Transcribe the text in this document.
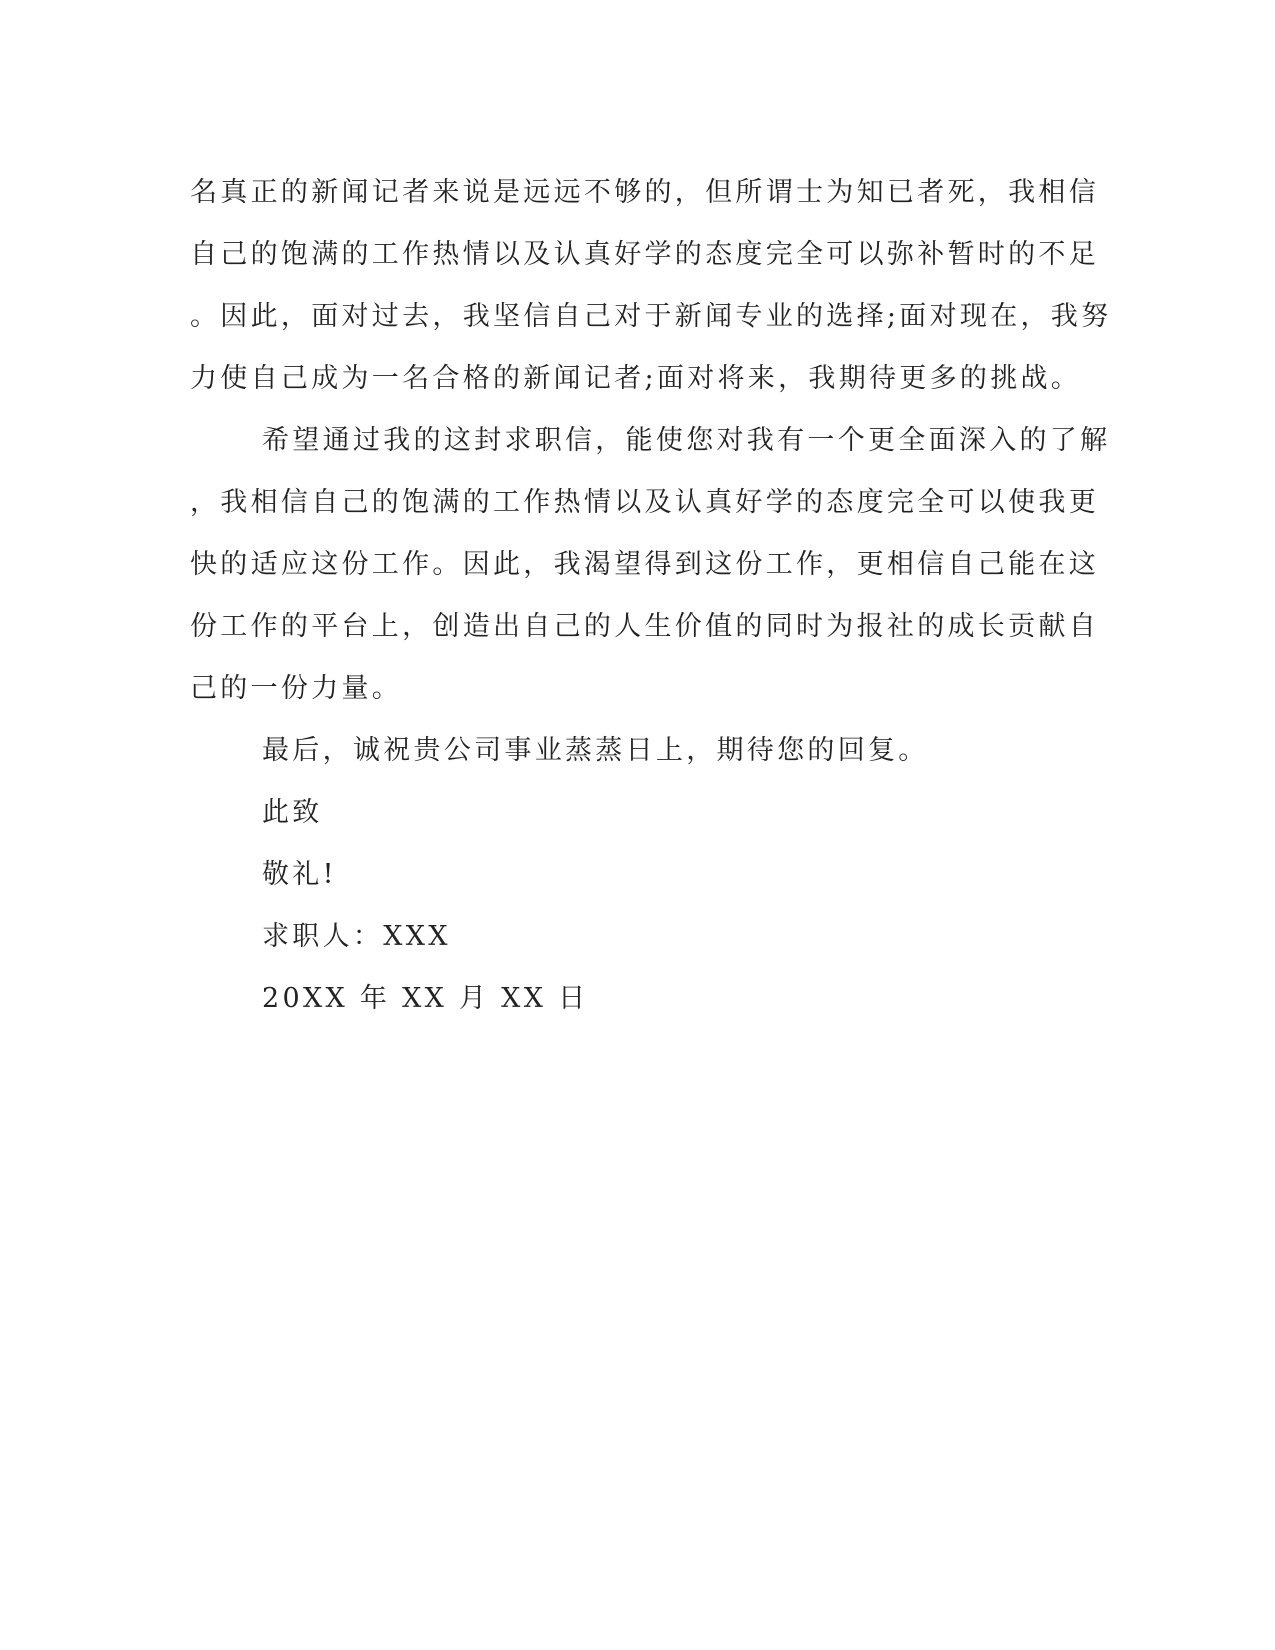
名真正的新闻记者来说是远远不够的，但所谓士为知已者死，我相信
自己的饱满的工作热情以及认真好学的态度完全可以弥补暂时的不足
。因此，面对过去，我坚信自己对于新闻专业的选择;面对现在，我努
力使自己成为一名合格的新闻记者;面对将来，我期待更多的挑战。
希望通过我的这封求职信，能使您对我有一个更全面深入的了解
，我相信自己的饱满的工作热情以及认真好学的态度完全可以使我更
快的适应这份工作。因此，我渴望得到这份工作，更相信自己能在这
份工作的平台上，创造出自己的人生价值的同时为报社的成长贡献自
己的一份力量。
最后，诚祝贵公司事业蒸蒸日上，期待您的回复。
此致
敬礼!
求职人：XXX
20XX 年 XX 月 XX 日
